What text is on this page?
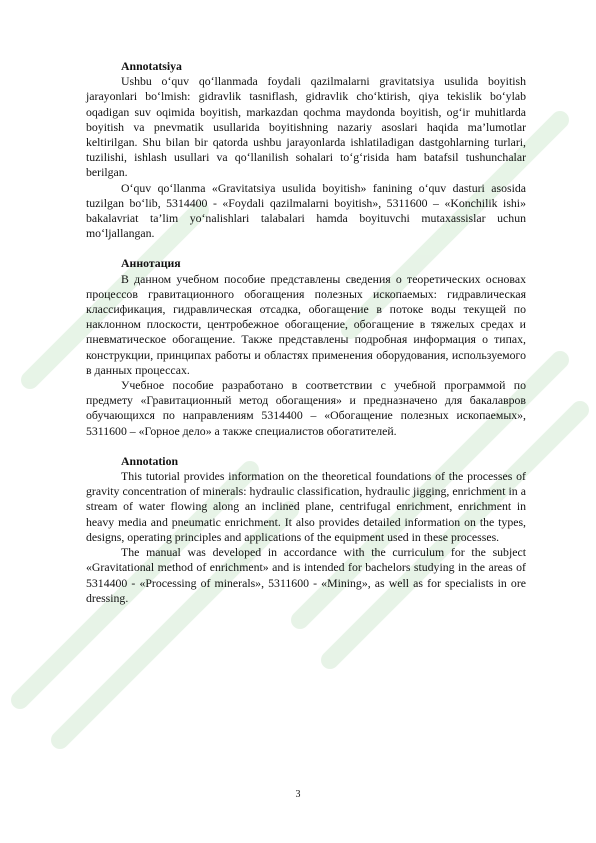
Annotatsiya

Ushbu o‘quv qo‘llanmada foydali qazilmalarni gravitatsiya usulida boyitish jarayonlari bo‘lmish: gidravlik tasniflash, gidravlik cho‘ktirish, qiya tekislik bo‘ylab oqadigan suv oqimida boyitish, markazdan qochma maydonda boyitish, og‘ir muhitlarda boyitish va pnevmatik usullarida boyitishning nazariy asoslari haqida ma’lumotlar keltirilgan. Shu bilan bir qatorda ushbu jarayonlarda ishlatiladigan dastgohlarning turlari, tuzilishi, ishlash usullari va qo‘llanilish sohalari to‘g‘risida ham batafsil tushunchalar berilgan.

O‘quv qo‘llanma «Gravitatsiya usulida boyitish» fanining o‘quv dasturi asosida tuzilgan bo‘lib, 5314400 - «Foydali qazilmalarni boyitish», 5311600 – «Konchilik ishi» bakalavriat ta’lim yo‘nalishlari talabalari hamda boyituvchi mutaxassislar uchun mo‘ljallangan.

Аннотация

В данном учебном пособие представлены сведения о теоретических основах процессов гравитационного обогащения полезных ископаемых: гидравлическая классификация, гидравлическая отсадка, обогащение в потоке воды текущей по наклонном плоскости, центробежное обогащение, обогащение в тяжелых средах и пневматическое обогащение. Также представлены подробная информация о типах, конструкции, принципах работы и областях применения оборудования, используемого в данных процессах.

Учебное пособие разработано в соответствии с учебной программой по предмету «Гравитационный метод обогащения» и предназначено для бакалавров обучающихся по направлениям 5314400 – «Обогащение полезных ископаемых», 5311600 – «Горное дело» а также специалистов обогатителей.

Annotation

This tutorial provides information on the theoretical foundations of the processes of gravity concentration of minerals: hydraulic classification, hydraulic jigging, enrichment in a stream of water flowing along an inclined plane, centrifugal enrichment, enrichment in heavy media and pneumatic enrichment. It also provides detailed information on the types, designs, operating principles and applications of the equipment used in these processes.

The manual was developed in accordance with the curriculum for the subject «Gravitational method of enrichment» and is intended for bachelors studying in the areas of 5314400 - «Processing of minerals», 5311600 - «Mining», as well as for specialists in ore dressing.

3
